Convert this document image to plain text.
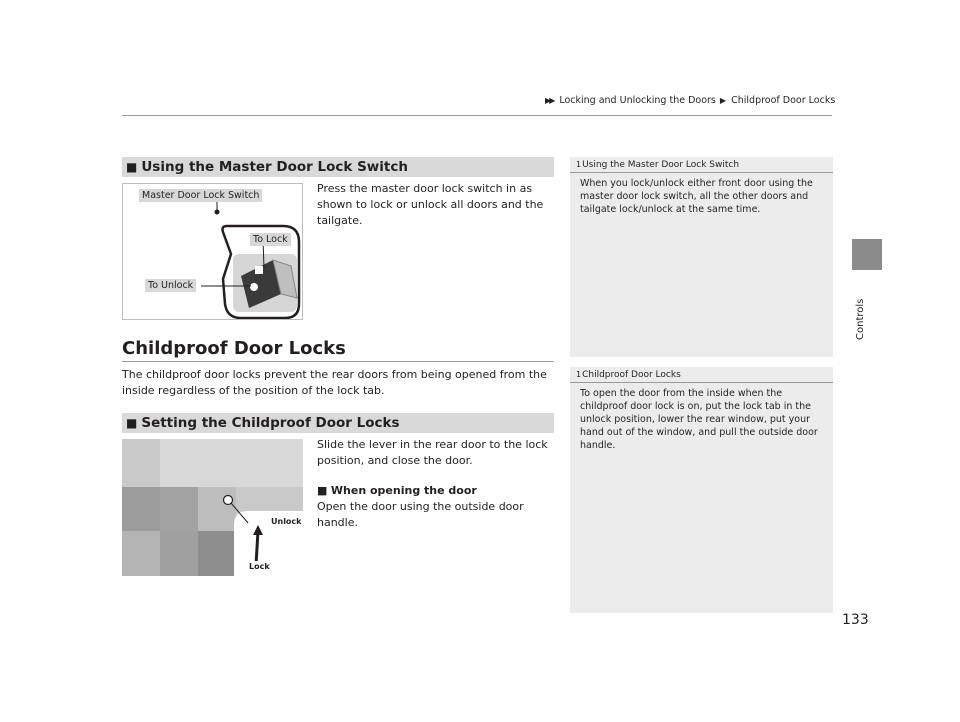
▶▶ Locking and Unlocking the Doors ▶ Childproof Door Locks
Controls
■ Using the Master Door Lock Switch
Master Door Lock Switch
To Lock
To Unlock
Press the master door lock switch in as shown to lock or unlock all doors and the tailgate.
Childproof Door Locks
The childproof door locks prevent the rear doors from being opened from the inside regardless of the position of the lock tab.
■ Setting the Childproof Door Locks
Unlock
Lock
Slide the lever in the rear door to the lock position, and close the door.
■ When opening the door
Open the door using the outside door handle.
1Using the Master Door Lock Switch
When you lock/unlock either front door using the master door lock switch, all the other doors and tailgate lock/unlock at the same time.
1Childproof Door Locks
To open the door from the inside when the childproof door lock is on, put the lock tab in the unlock position, lower the rear window, put your hand out of the window, and pull the outside door handle.
133
